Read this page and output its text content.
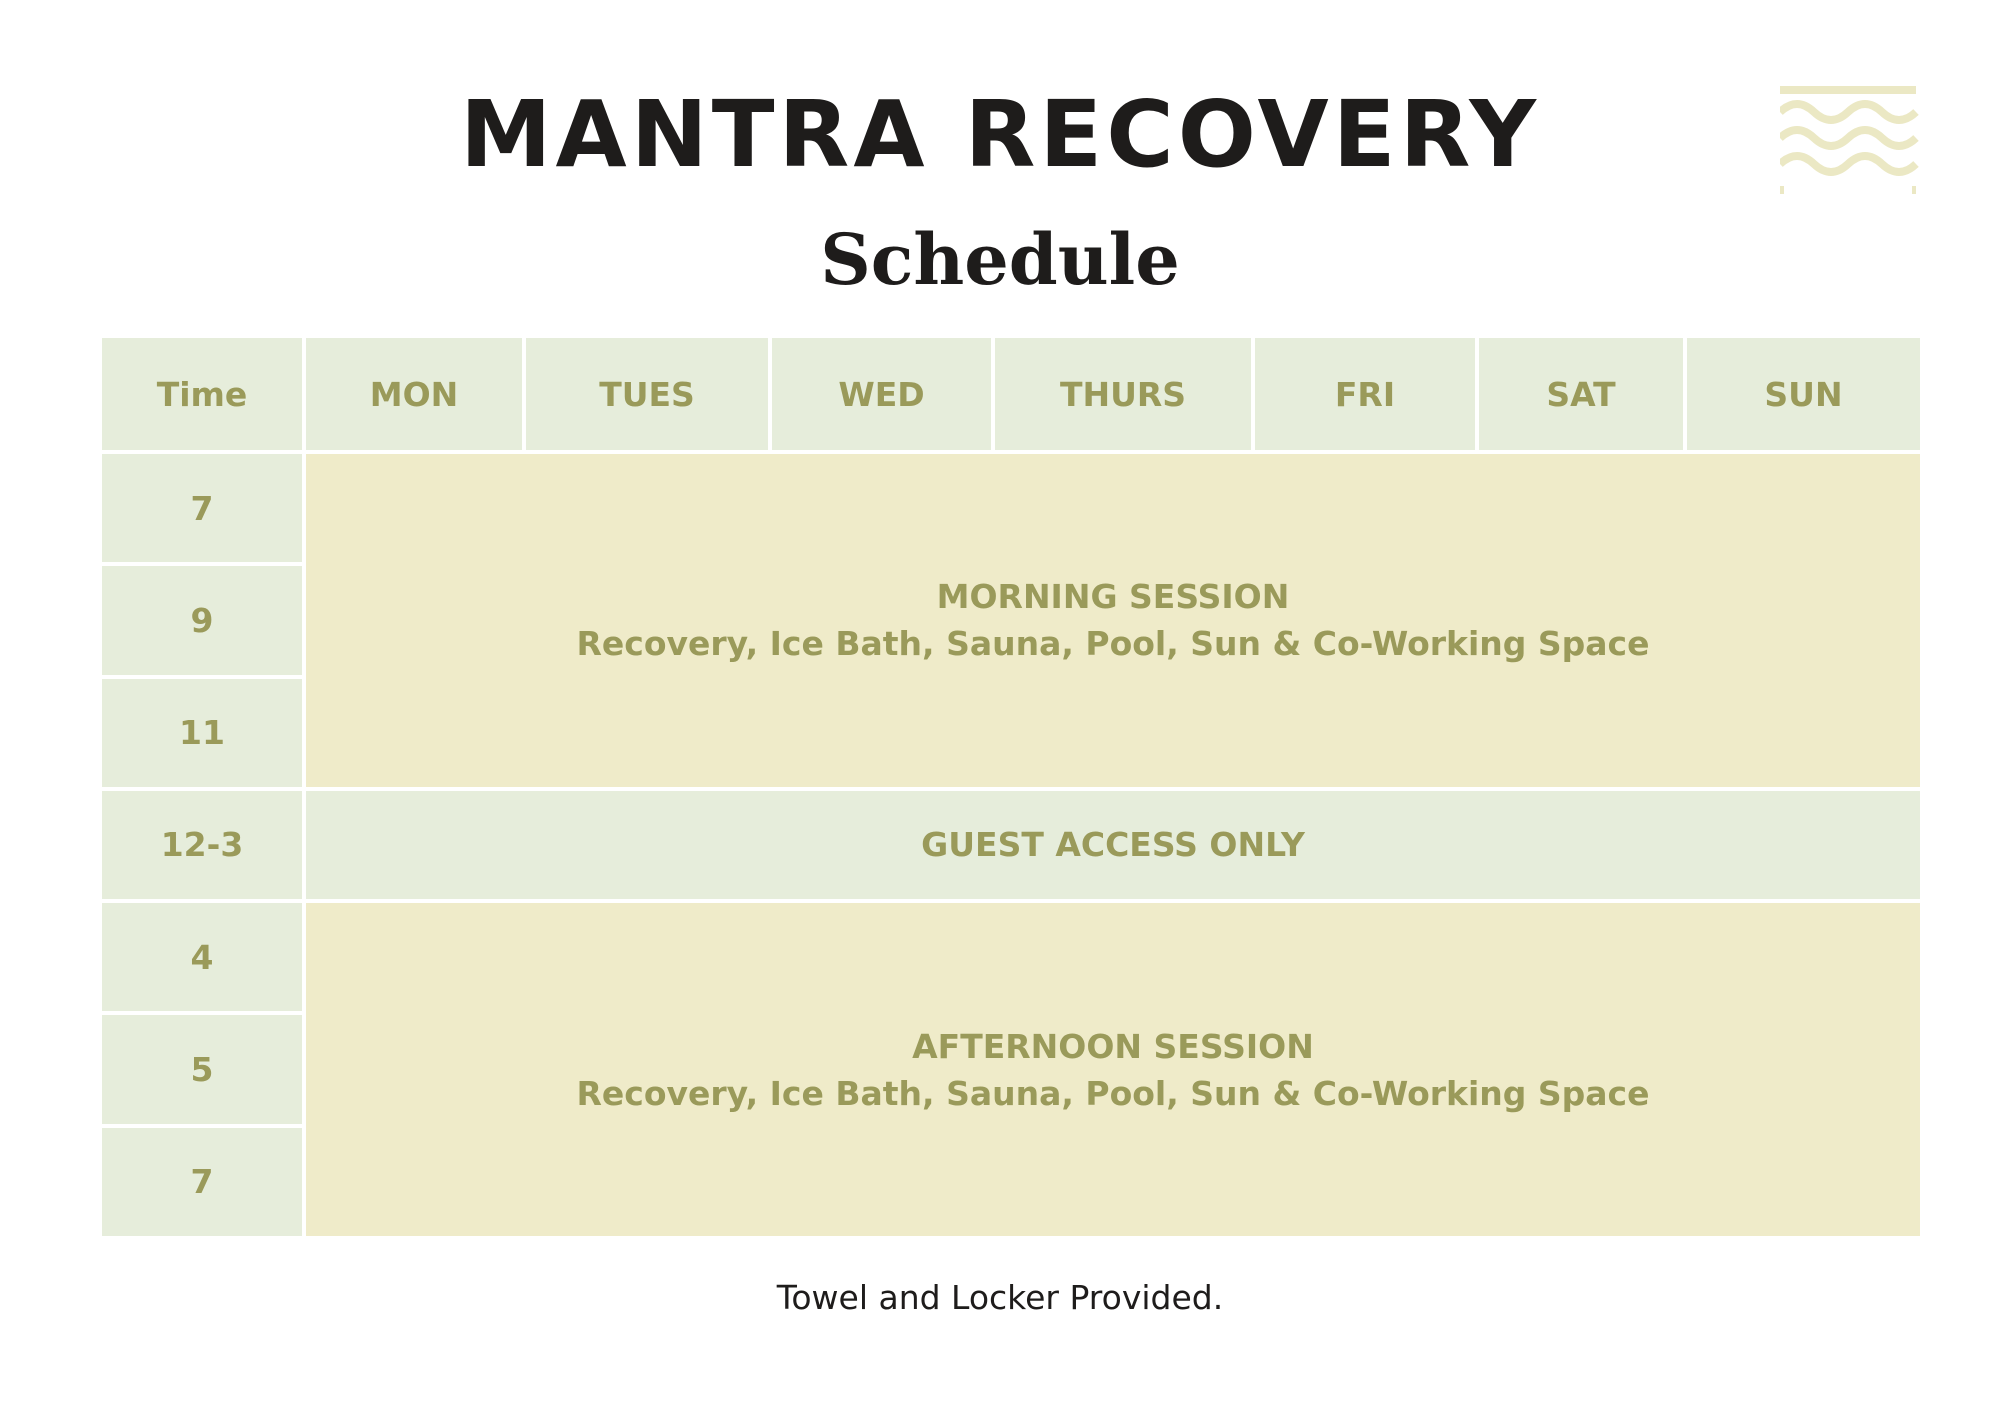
MANTRA RECOVERY
Schedule
Time	MON	TUES	WED	THURS	FRI	SAT	SUN
7	MORNING SESSION
Recovery, Ice Bath, Sauna, Pool, Sun & Co-Working Space						

9							
11							
12-3	GUEST ACCESS ONLY						
4	AFTERNOON SESSION
Recovery, Ice Bath, Sauna, Pool, Sun & Co-Working Space						

5							
7							

Towel and Locker Provided.
